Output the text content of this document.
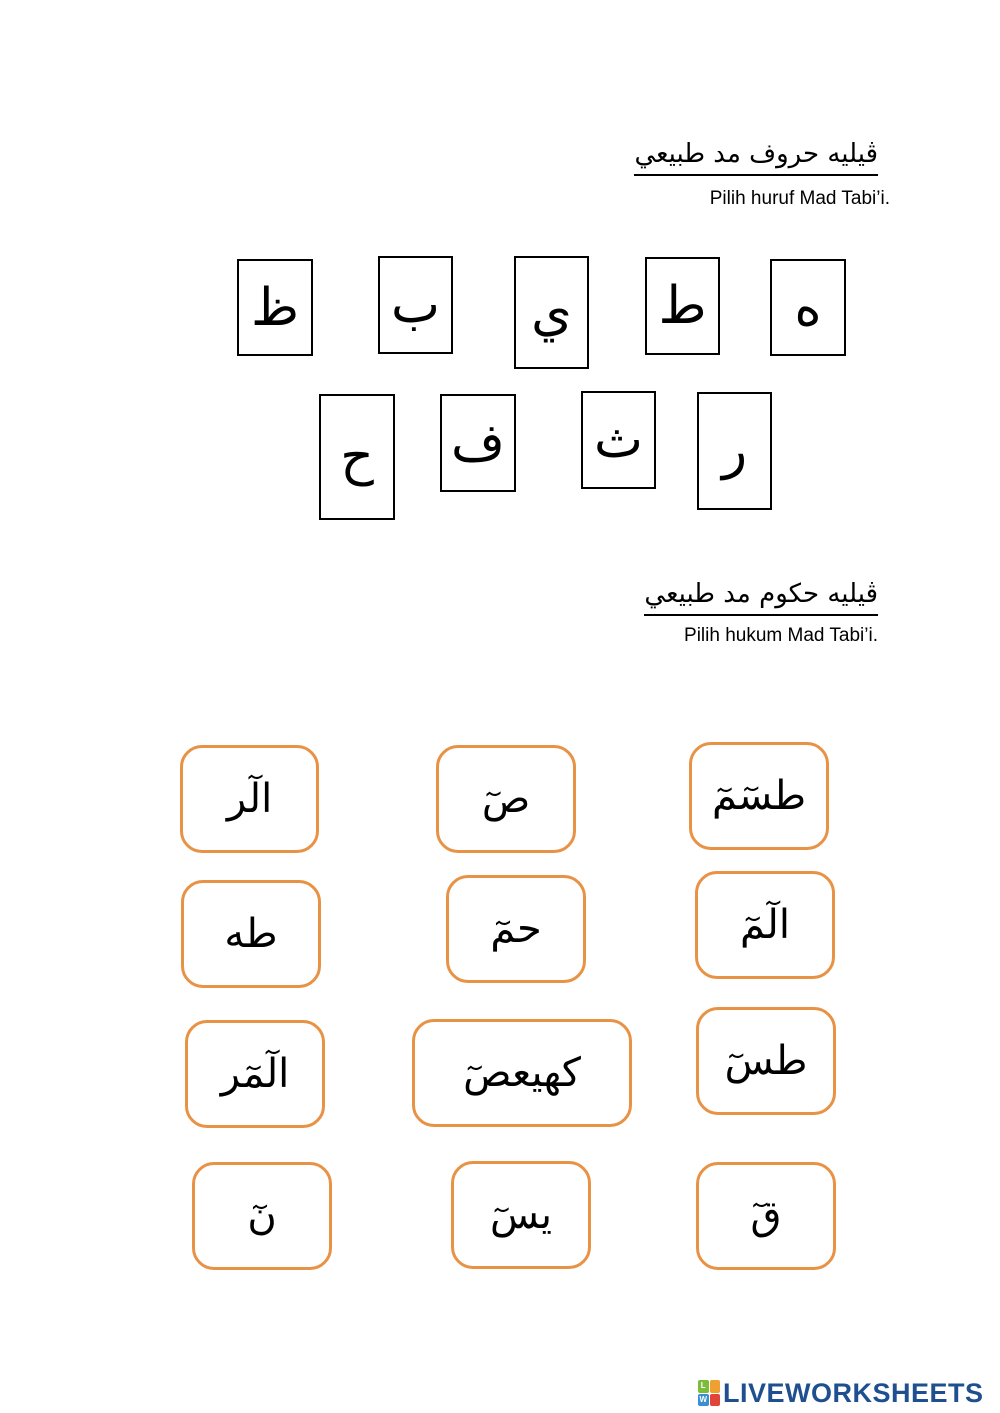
ڤيليه حروف مد طبيعي
Pilih huruf Mad Tabi’i.
ظ ب	ي	ط	ه
ح	ف ث	ر
ڤيليه حکوم مد طبيعي
Pilih hukum Mad Tabi’i.
الٓر	صٓ	طسٓمٓ
طه	حمٓ	الٓمٓ
الٓمٓر	كهيعصٓ	طسٓ
نٓ	يسٓ	قٓ
L
W LIVEWORKSHEETS
